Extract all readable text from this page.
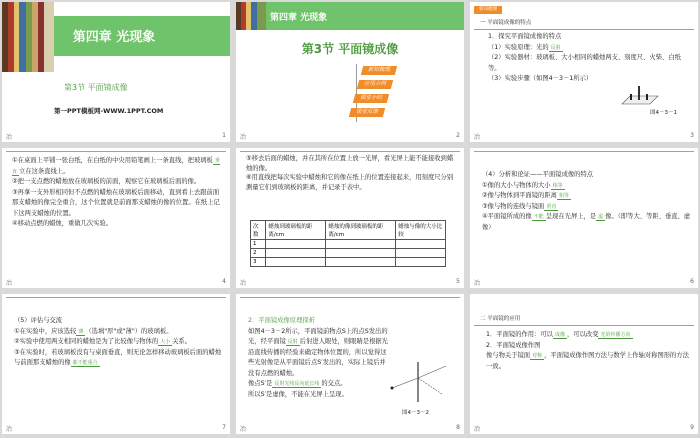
第四章 光现象
第3节 平面镜成像
第一PPT模板网-WWW.1PPT.COM
冶	1
第四章 光现象
第3节 平面镜成像
新知梳理
应用示例
课堂小结
课堂反馈
冶	2
新知梳理
一 平面镜成像的特点
1．探究平面镜成像的特点
（1）实验原理：光的 反射
（2）实验器材：玻璃板、大小相同的蜡烛两支、刻度尺、火柴、白纸等。
（3）实验步骤（如图4－3－1所示）
图4－3－1
冶	3
①在桌面上平铺一张白纸，在白纸的中央用铅笔画上一条直线，把玻璃板 垂直 立在这条直线上。
②把一支点燃的蜡烛放在玻璃板的前面，观察它在玻璃板后面的像。
③再拿一支外形相同但不点燃的蜡烛在玻璃板后面移动，直到看上去跟前面那支蜡烛的像完全重合，这个位置就是前面那支蜡烛的像的位置。在纸上记下这两支蜡烛的位置。
④移动点燃的蜡烛，重做几次实验。
冶	4
⑤移去后面的蜡烛，并在其所在位置上放一光屏，看光屏上能不能接收到蜡烛的像。
⑥用直线把每次实验中蜡烛和它的像在纸上的位置连接起来，用刻度尺分别测量它们到玻璃板的距离，并记录于表中。
次数	蜡烛到玻璃板的距离/cm	蜡烛的像到玻璃板的距离/cm	蜡烛与像的大小比较
1			
2			
3			
冶	5
（4）分析和论证——平面镜成像的特点
①像的大小与物体的大小 相等
②像与物体到平面镜的距离 相等
③像与物的连线与镜面 垂直
④平面镜所成的像 不能 呈现在光屏上，是 虚 像。（即等大、等距、垂直、虚像）
冶	6
（5）评估与交流
①在实验中，应该选较 薄 （选填"厚"或"薄"）的玻璃板。
②实验中使用两支相同的蜡烛是为了比较像与物体的 大小 关系。
③在实验时，若玻璃板没有与桌面垂直，则无论怎样移动玻璃板后面的蜡烛与前面那支蜡烛的像 都不能重合
冶	7
2．平面镜成像原理探析
如图4－3－2所示，平面镜前物点S上的点S发出的光，经平面镜 反射 后射进人眼处，则眼睛是根据光沿直线传播的经验来确定物体位置的，所以觉得这些光射像是从平面镜后点S′发出的，实际上镜后并没有点燃的蜡烛。
像点S′是 反射光线反向延长线 的交点。
所以S′是虚像，不能在光屏上呈现。
图4－3－2
冶	8
二 平面镜的应用
1．平面镜的作用：可以 成像 ，可以改变 光的传播方向
2．平面镜成像作图
像与物关于镜面 对称 ，平面镜成像作图方法与数学上作轴对称图形的方法一致。
冶	9
